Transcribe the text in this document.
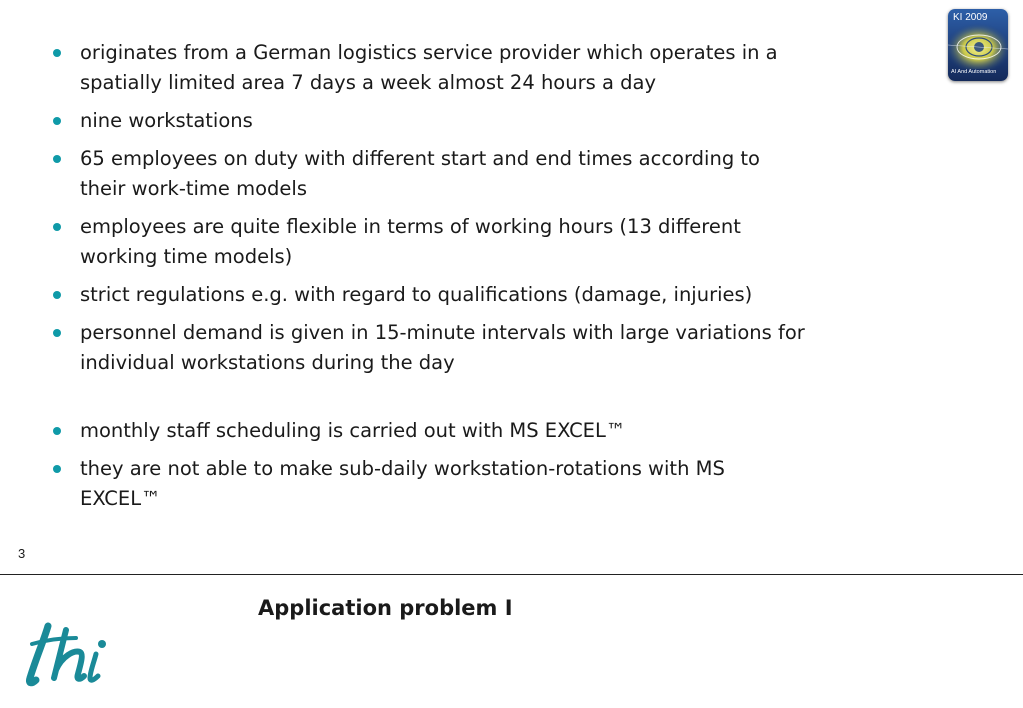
KI 2009
AI And Automation
originates from a German logistics service provider which operates in a spatially limited area 7 days a week almost 24 hours a day
nine workstations
65 employees on duty with different start and end times according to their work-time models
employees are quite flexible in terms of working hours (13 different working time models)
strict regulations e.g. with regard to qualifications (damage, injuries)
personnel demand is given in 15-minute intervals with large variations for individual workstations during the day
monthly staff scheduling is carried out with MS EXCEL™
they are not able to make sub-daily workstation-rotations with MS EXCEL™
3
Application problem I
